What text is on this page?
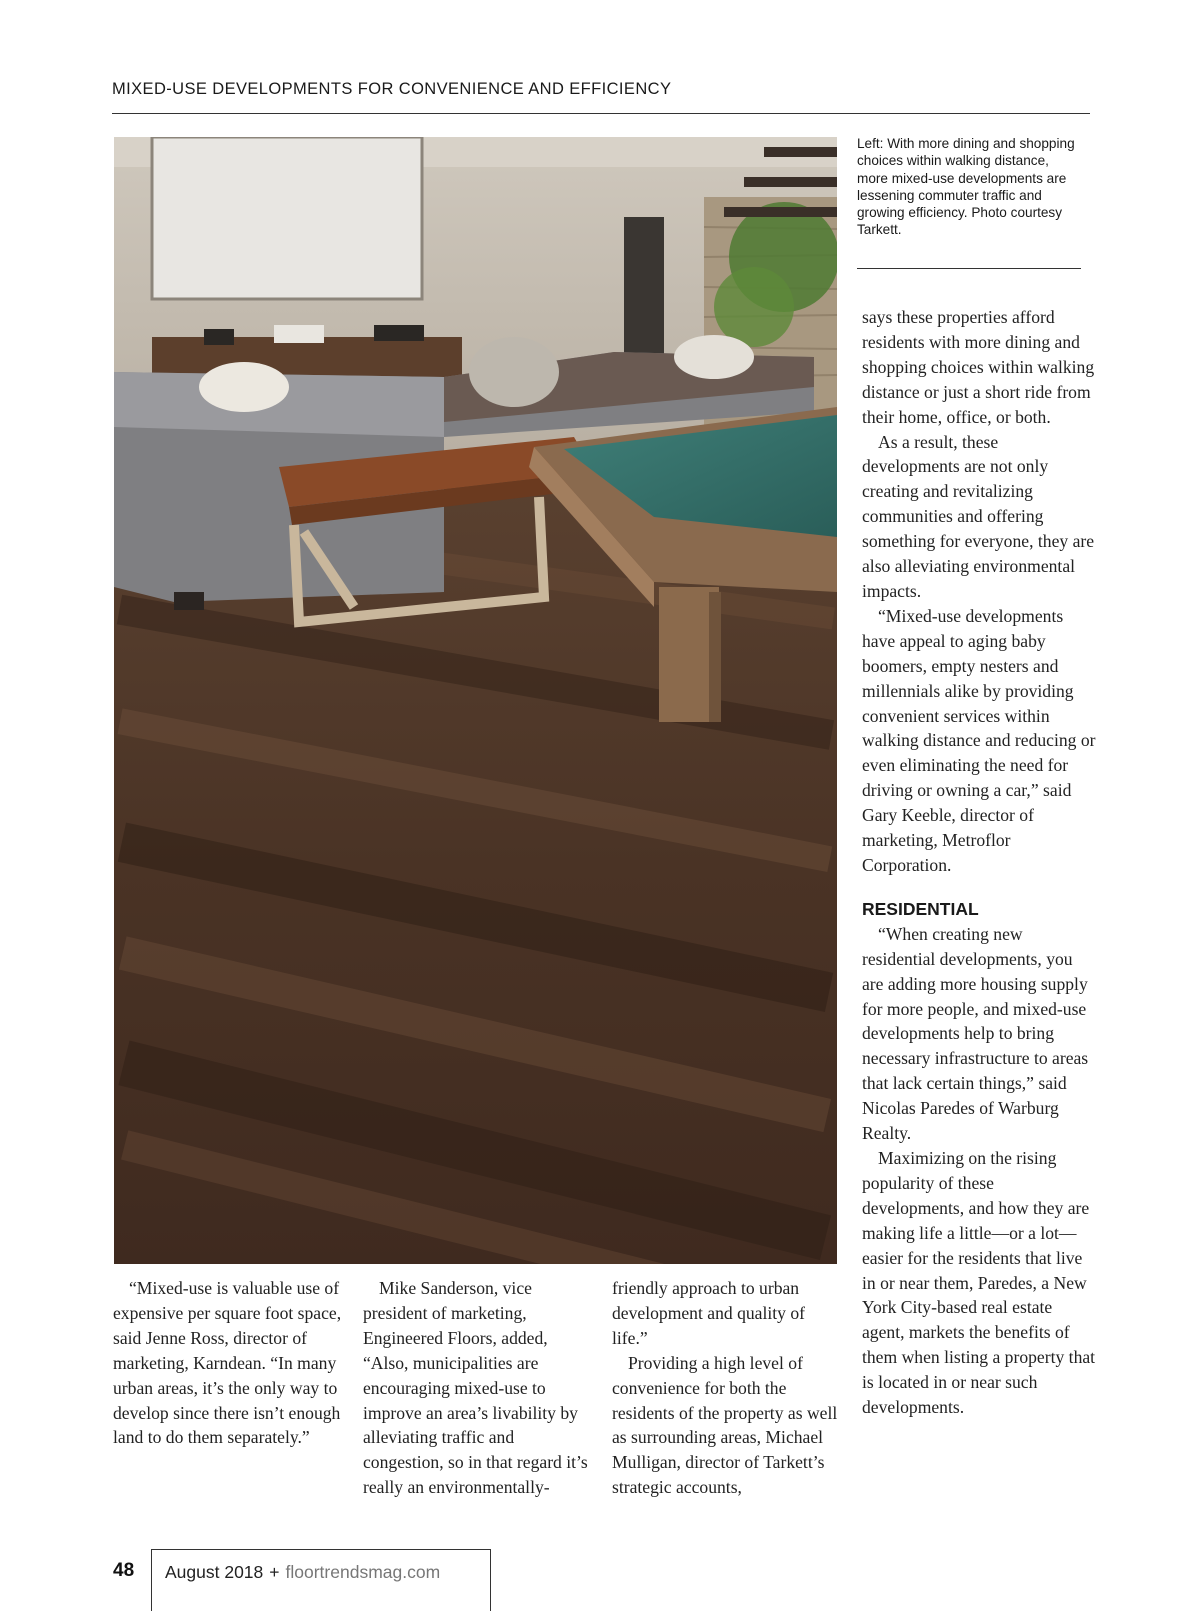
MIXED-USE DEVELOPMENTS FOR CONVENIENCE AND EFFICIENCY
Left: With more dining and shopping choices within walking distance, more mixed-use developments are lessening commuter traffic and growing efficiency. Photo courtesy Tarkett.

says these properties afford residents with more dining and shopping choices within walking distance or just a short ride from their home, office, or both.

As a result, these developments are not only creating and revitalizing communities and offering something for everyone, they are also alleviating environmental impacts.

“Mixed-use developments have appeal to aging baby boomers, empty nesters and millennials alike by providing convenient services within walking distance and reducing or even eliminating the need for driving or owning a car,” said Gary Keeble, director of marketing, Metroflor Corporation.

RESIDENTIAL

“When creating new residential developments, you are adding more housing supply for more people, and mixed-use developments help to bring necessary infrastructure to areas that lack certain things,” said Nicolas Paredes of Warburg Realty.

Maximizing on the rising popularity of these developments, and how they are making life a little—or a lot—easier for the residents that live in or near them, Paredes, a New York City-based real estate agent, markets the benefits of them when listing a property that is located in or near such developments.

“Mixed-use is valuable use of expensive per square foot space, said Jenne Ross, director of marketing, Karndean. “In many urban areas, it’s the only way to develop since there isn’t enough land to do them separately.”

Mike Sanderson, vice president of marketing, Engineered Floors, added, “Also, municipalities are encouraging mixed-use to improve an area’s livability by alleviating traffic and congestion, so in that regard it’s really an environmentally-

friendly approach to urban development and quality of life.”

Providing a high level of convenience for both the residents of the property as well as surrounding areas, Michael Mulligan, director of Tarkett’s strategic accounts,

48 August 2018 + floortrendsmag.com
